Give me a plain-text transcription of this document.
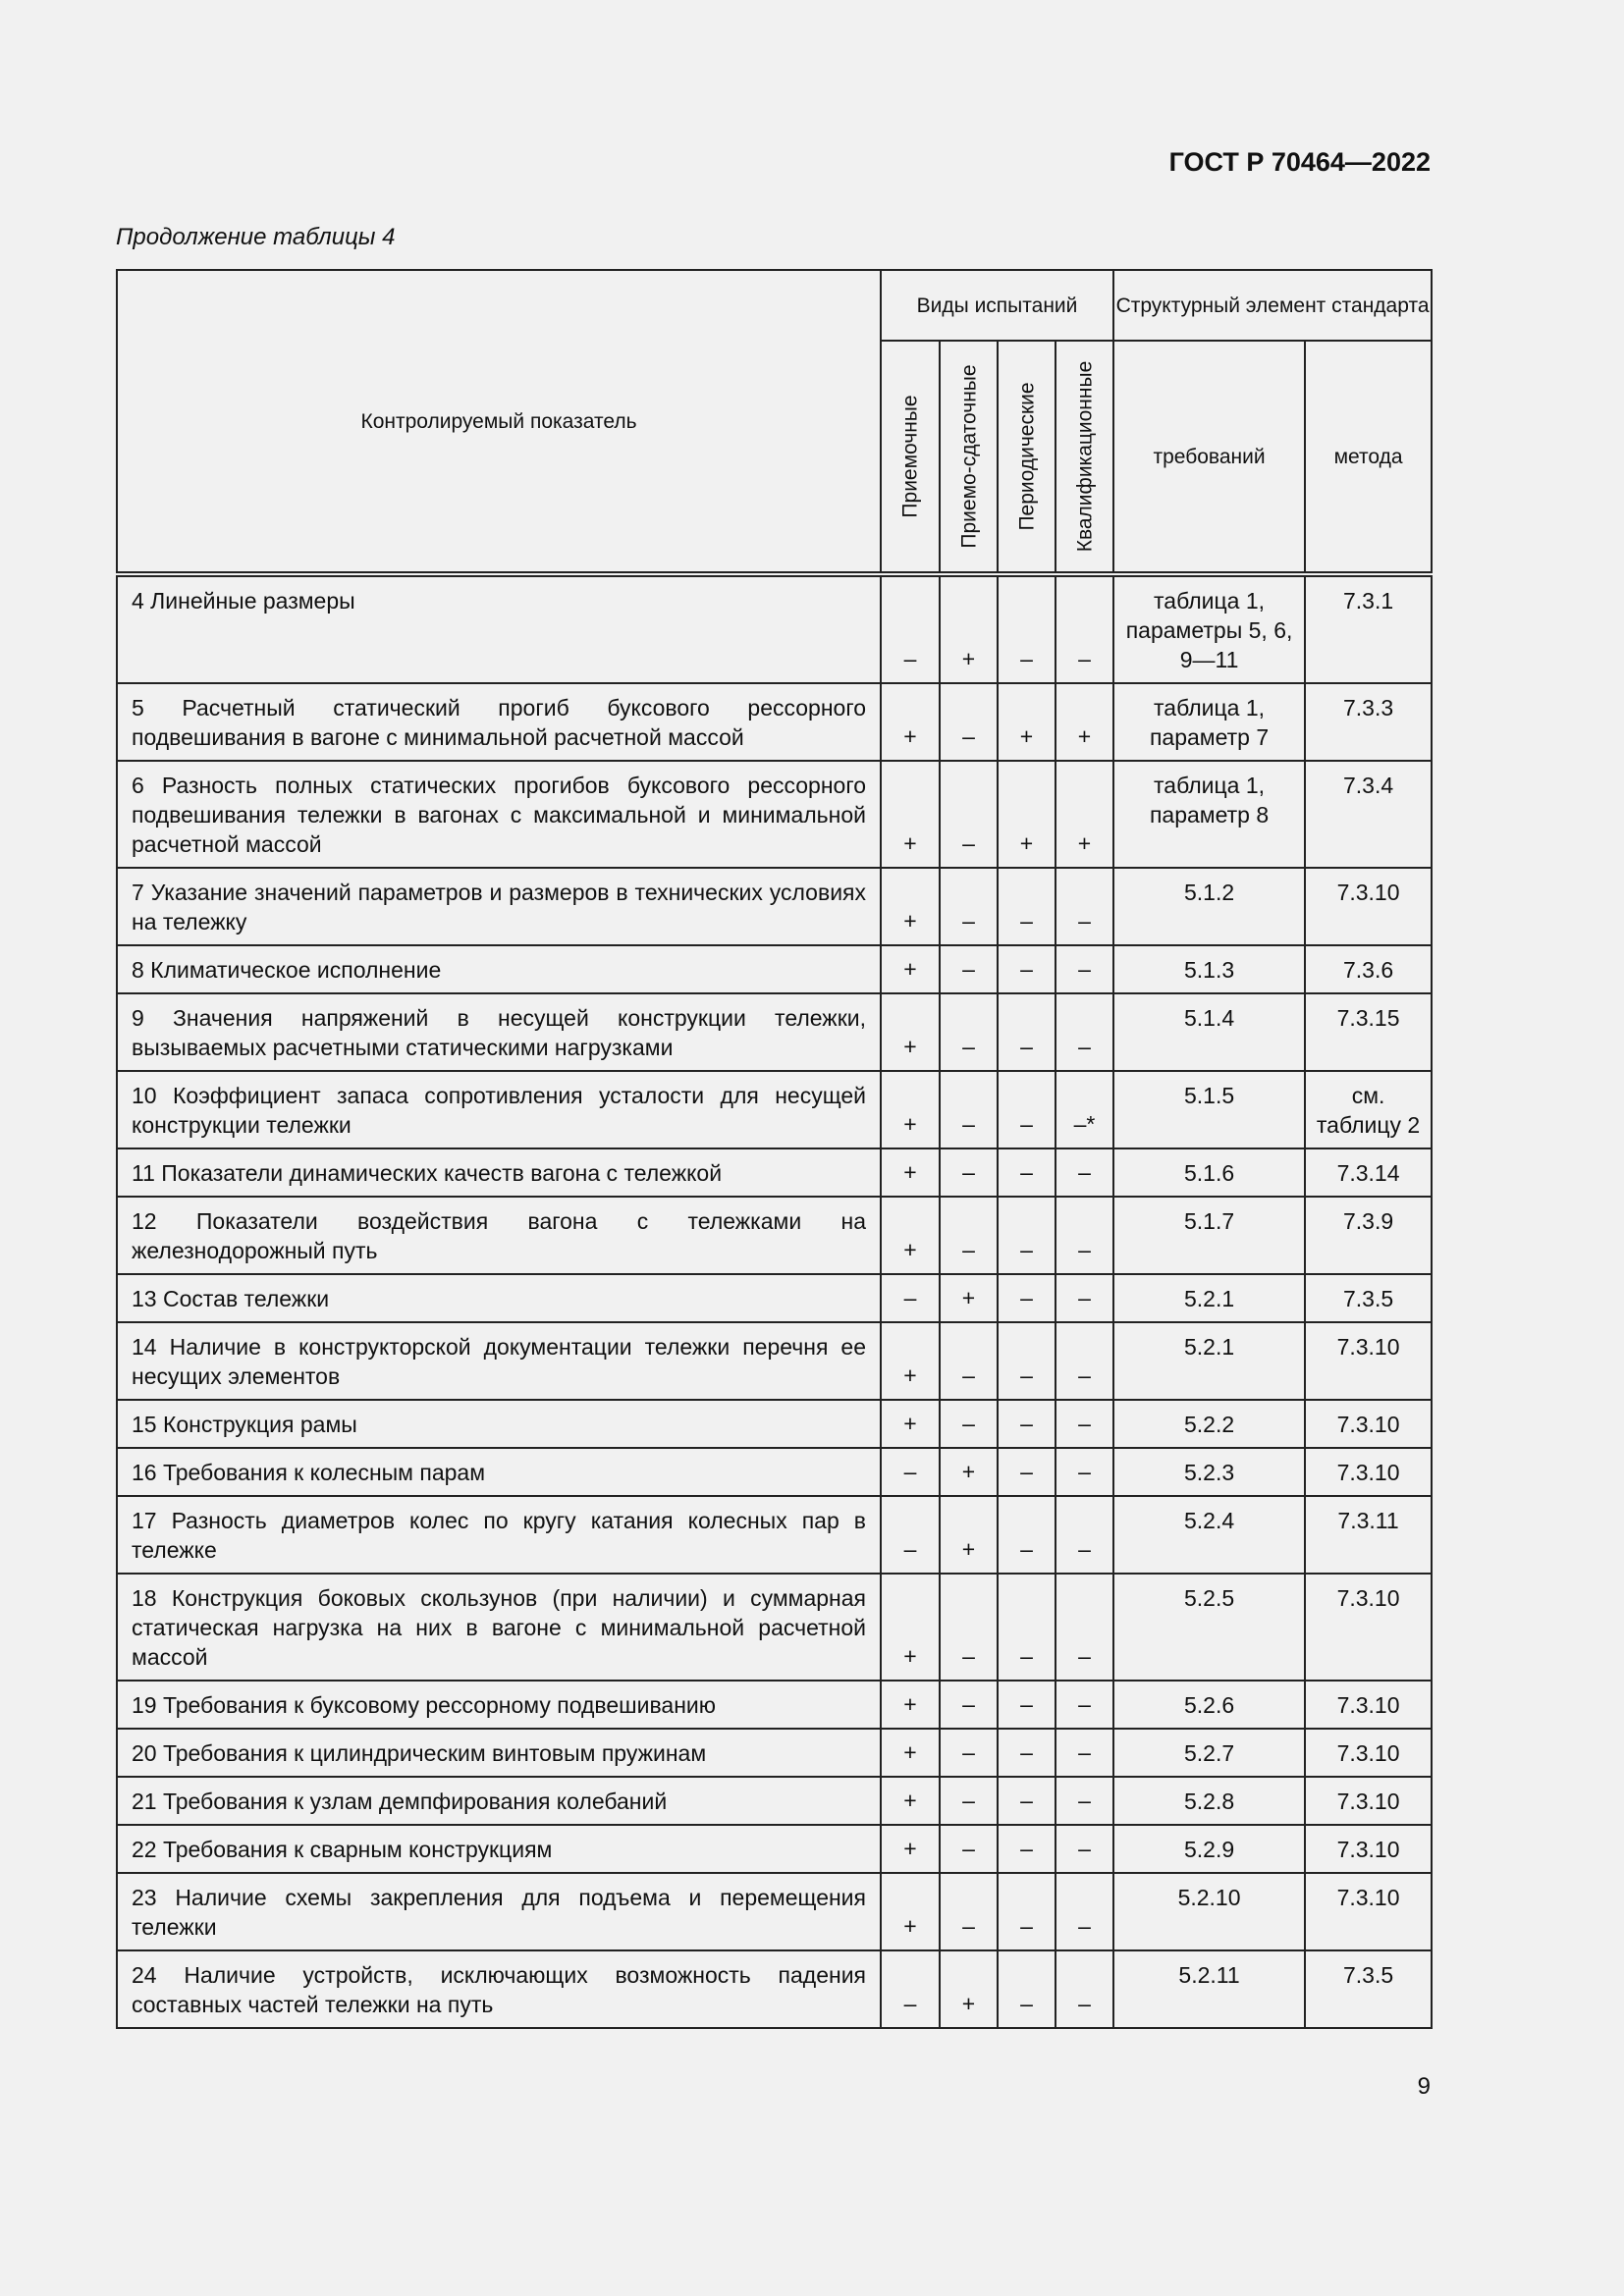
ГОСТ Р 70464—2022
Продолжение таблицы 4
Контролируемый показатель	Виды испытаний				Структурный элемент стандарта	

	Приемочные	Приемо-сдаточные	Периодические	Квалификационные	требований	метода
4 Линейные размеры	–	+	–	–	таблица 1, параметры 5, 6, 9—11	7.3.1
5 Расчетный статический прогиб буксового рессорного подвешивания в вагоне с минимальной расчетной массой	+	–	+	+	таблица 1, параметр 7	7.3.3
6 Разность полных статических прогибов буксового рессорного подвешивания тележки в вагонах с максимальной и минимальной расчетной массой	+	–	+	+	таблица 1, параметр 8	7.3.4
7 Указание значений параметров и размеров в технических условиях на тележку	+	–	–	–	5.1.2	7.3.10
8 Климатическое исполнение	+	–	–	–	5.1.3	7.3.6
9 Значения напряжений в несущей конструкции тележки, вызываемых расчетными статическими нагрузками	+	–	–	–	5.1.4	7.3.15
10 Коэффициент запаса сопротивления усталости для несущей конструкции тележки	+	–	–	–*	5.1.5	см. таблицу 2
11 Показатели динамических качеств вагона с тележкой	+	–	–	–	5.1.6	7.3.14
12 Показатели воздействия вагона с тележками на железнодорожный путь	+	–	–	–	5.1.7	7.3.9
13 Состав тележки	–	+	–	–	5.2.1	7.3.5
14 Наличие в конструкторской документации тележки перечня ее несущих элементов	+	–	–	–	5.2.1	7.3.10
15 Конструкция рамы	+	–	–	–	5.2.2	7.3.10
16 Требования к колесным парам	–	+	–	–	5.2.3	7.3.10
17 Разность диаметров колес по кругу катания колесных пар в тележке	–	+	–	–	5.2.4	7.3.11
18 Конструкция боковых скользунов (при наличии) и суммарная статическая нагрузка на них в вагоне с минимальной расчетной массой	+	–	–	–	5.2.5	7.3.10
19 Требования к буксовому рессорному подвешиванию	+	–	–	–	5.2.6	7.3.10
20 Требования к цилиндрическим винтовым пружинам	+	–	–	–	5.2.7	7.3.10
21 Требования к узлам демпфирования колебаний	+	–	–	–	5.2.8	7.3.10
22 Требования к сварным конструкциям	+	–	–	–	5.2.9	7.3.10
23 Наличие схемы закрепления для подъема и перемещения тележки	+	–	–	–	5.2.10	7.3.10
24 Наличие устройств, исключающих возможность падения составных частей тележки на путь	–	+	–	–	5.2.11	7.3.5
9
